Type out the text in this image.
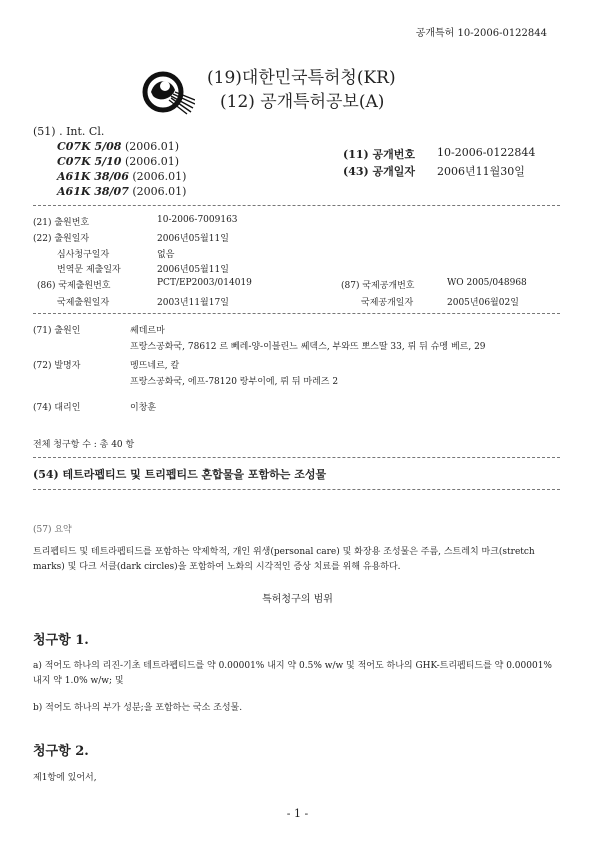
공개특허 10-2006-0122844
(19)대한민국특허청(KR)
(12) 공개특허공보(A)
(51) . Int. Cl.
C07K 5/08 (2006.01)
C07K 5/10 (2006.01)
A61K 38/06 (2006.01)
A61K 38/07 (2006.01)
(11) 공개번호 10-2006-0122844
(43) 공개일자 2006년11월30일
(21) 출원번호	10-2006-7009163
(22) 출원일자	2006년05월11일
심사청구일자	없음
번역문 제출일자	2006년05월11일
(86) 국제출원번호	PCT/EP2003/014019	(87) 국제공개번호	WO 2005/048968
국제출원일자	2003년11월17일	국제공개일자	2005년06월02일
(71) 출원인	쎄데르마
프랑스공화국, 78612 르 뻬레-양-이블린느 쎄덱스, 부와뜨 뽀스딸 33, 뤼 뒤 슈멩 베르, 29
(72) 발명자	멩뜨네르, 칼
프랑스공화국, 에프-78120 랑부이에, 뤼 뒤 마레즈 2
(74) 대리인	이창훈
전체 청구항 수 : 총 40 항
(54) 테트라펩티드 및 트리펩티드 혼합물을 포함하는 조성물
(57) 요약
트리펩티드 및 테트라펩티드를 포함하는 약제학적, 개인 위생(personal care) 및 화장용 조성물은 주름, 스트레치 마크(stretch marks) 및 다크 서클(dark circles)을 포함하여 노화의 시각적인 증상 치료를 위해 유용하다.
특허청구의 범위
청구항 1.
a) 적어도 하나의 리진-기초 테트라펩티드를 약 0.00001% 내지 약 0.5% w/w 및 적어도 하나의 GHK-트리펩티드를 약 0.00001% 내지 약 1.0% w/w; 및
b) 적어도 하나의 부가 성분;을 포함하는 국소 조성물.
청구항 2.
제1항에 있어서,
- 1 -
